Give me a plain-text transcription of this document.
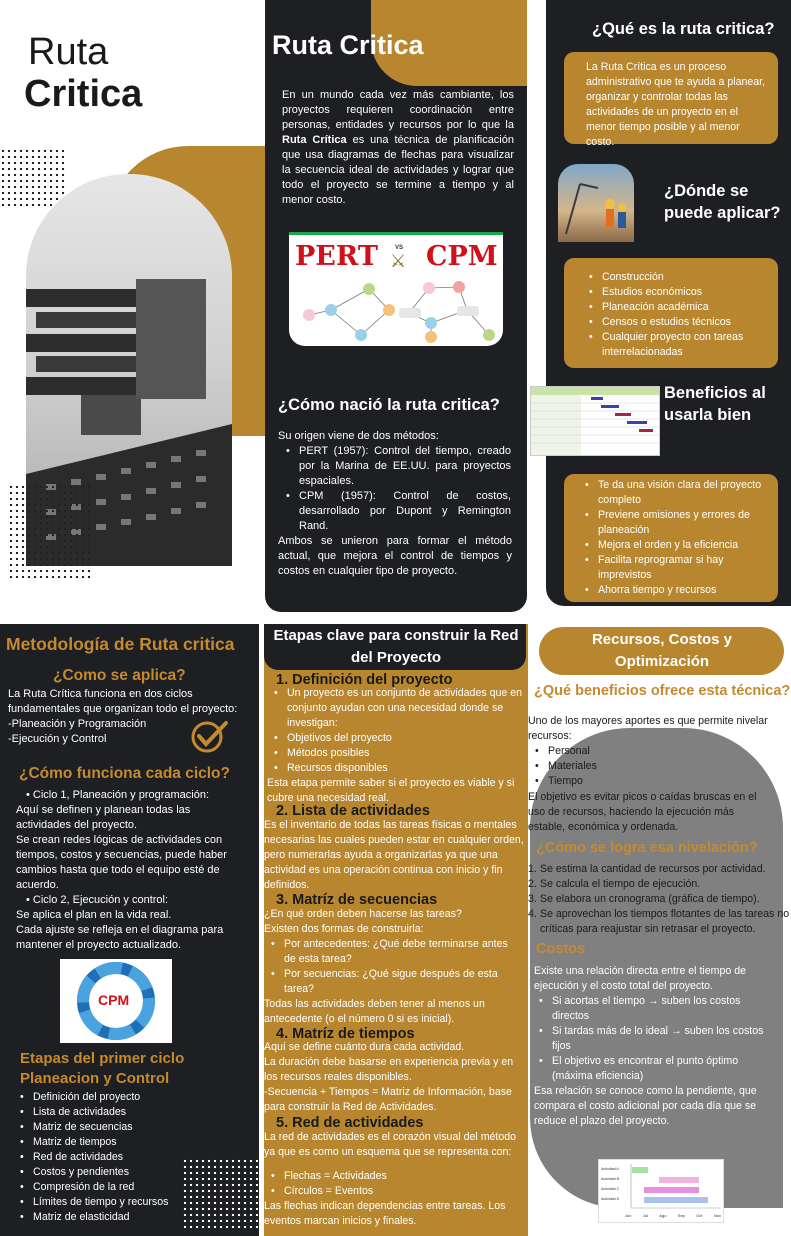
Ruta
Critica
Ruta Critica
En un mundo cada vez más cambiante, los proyectos requieren coordinación entre personas, entidades y recursos por lo que la Ruta Crítica es una técnica de planificación que usa diagramas de flechas para visualizar la secuencia ideal de actividades y lograr que todo el proyecto se termine a tiempo y al menor costo.
PERT	VS
⚔ CPM
¿Cómo nació la ruta critica?
Su origen viene de dos métodos:
• PERT (1957): Control del tiempo, creado por la Marina de EE.UU. para proyectos espaciales.
• CPM (1957): Control de costos, desarrollado por Dupont y Remington Rand.
Ambos se unieron para formar el método actual, que mejora el control de tiempos y costos en cualquier tipo de proyecto.
¿Qué es la ruta critica?
La Ruta Crítica es un proceso administrativo que te ayuda a planear, organizar y controlar todas las actividades de un proyecto en el menor tiempo posible y al menor costo.
¿Dónde se puede aplicar?
• Construcción
• Estudios económicos
• Planeación académica
• Censos o estudios técnicos
• Cualquier proyecto con tareas interrelacionadas
Beneficios al usarla bien
• Te da una visión clara del proyecto completo
• Previene omisiones y errores de planeación
• Mejora el orden y la eficiencia
• Facilita reprogramar si hay imprevistos
• Ahorra tiempo y recursos
Metodología de Ruta critica
¿Como se aplica?
La Ruta Crítica funciona en dos ciclos fundamentales que organizan todo el proyecto:
-Planeación y Programación
-Ejecución y Control
¿Cómo funciona cada ciclo?
• Ciclo 1, Planeación y programación:
Aquí se definen y planean todas las actividades del proyecto.
Se crean redes lógicas de actividades con tiempos, costos y secuencias, puede haber cambios hasta que todo el equipo esté de acuerdo.
• Ciclo 2, Ejecución y control:
Se aplica el plan en la vida real.
Cada ajuste se refleja en el diagrama para mantener el proyecto actualizado.
CPM
Etapas del primer ciclo Planeacion y Control
• Definición del proyecto
• Lista de actividades
• Matriz de secuencias
• Matriz de tiempos
• Red de actividades
• Costos y pendientes
• Compresión de la red
• Límites de tiempo y recursos
• Matriz de elasticidad
Etapas clave para construir la Red del Proyecto
1. Definición del proyecto
• Un proyecto es un conjunto de actividades que en conjunto ayudan con una necesidad donde se investigan:
• Objetivos del proyecto
• Métodos posibles
• Recursos disponibles
Esta etapa permite saber si el proyecto es viable y si cubre una necesidad real.
2. Lista de actividades
Es el inventario de todas las tareas físicas o mentales necesarias las cuales pueden estar en cualquier orden, pero numerarlas ayuda a organizarlas ya que una actividad es una operación continua con inicio y fin definidos.
3. Matríz de secuencias
¿En qué orden deben hacerse las tareas?
Existen dos formas de construirla:
• Por antecedentes: ¿Qué debe terminarse antes de esta tarea?
• Por secuencias: ¿Qué sigue después de esta tarea?
Todas las actividades deben tener al menos un antecedente (o el número 0 si es inicial).
4. Matríz de tiempos
Aquí se define cuánto dura cada actividad.
La duración debe basarse en experiencia previa y en los recursos reales disponibles.
-Secuencia + Tiempos = Matriz de Información, base para construir la Red de Actividades.
5. Red de actividades
La red de actividades es el corazón visual del método ya que es como un esquema que se representa con:
• Flechas = Actividades
• Círculos = Eventos
Las flechas indican dependencias entre tareas. Los eventos marcan inicios y finales.
Recursos, Costos y Optimización
¿Qué beneficios ofrece esta técnica?
Uno de los mayores aportes es que permite nivelar recursos:
• Personal
• Materiales
• Tiempo
El objetivo es evitar picos o caídas bruscas en el uso de recursos, haciendo la ejecución más estable, económica y ordenada.
¿Cómo se logra esa nivelación?
1. Se estima la cantidad de recursos por actividad.
2. Se calcula el tiempo de ejecución.
3. Se elabora un cronograma (gráfica de tiempo).
4. Se aprovechan los tiempos flotantes de las tareas no críticas para reajustar sin retrasar el proyecto.
Costos
Existe una relación directa entre el tiempo de ejecución y el costo total del proyecto.
• Si acortas el tiempo → suben los costos directos
• Si tardas más de lo ideal → suben los costos fijos
• El objetivo es encontrar el punto óptimo (máxima eficiencia)
Esa relación se conoce como la pendiente, que compara el costo adicional por cada día que se reduce el plazo del proyecto.
Actividad A
Actividad B
Actividad C
Actividad D
Jun	Jul	Ago	Sep	Oct	Nov
